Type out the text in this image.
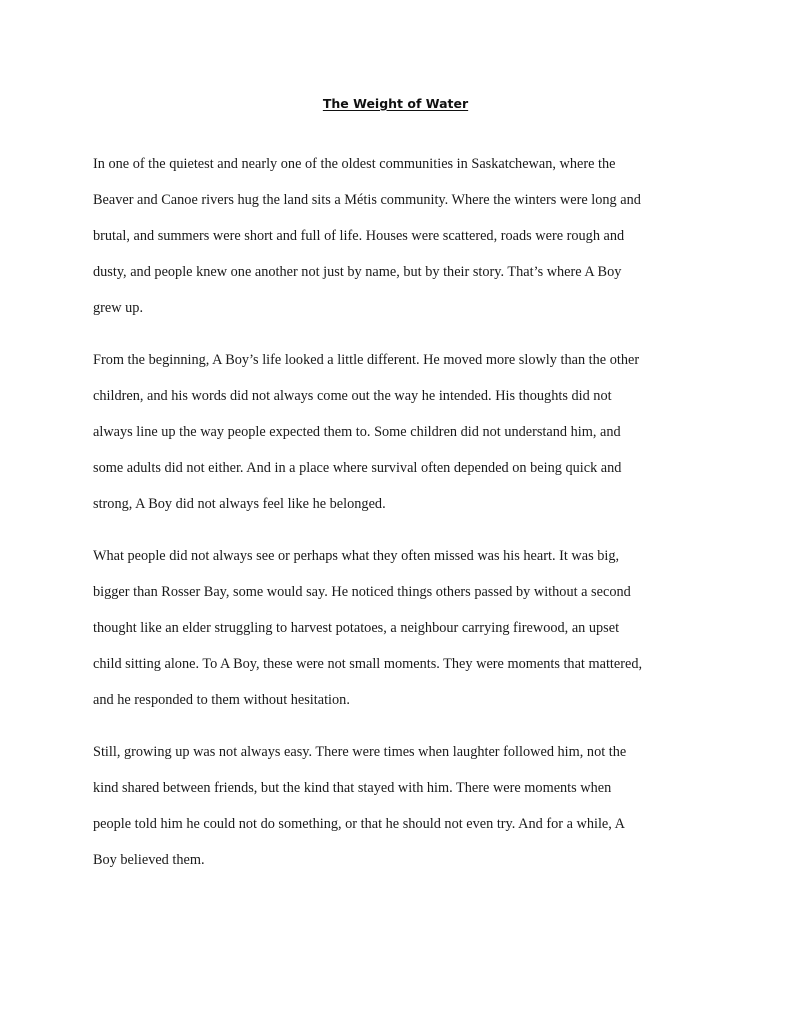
The Weight of Water

In one of the quietest and nearly one of the oldest communities in Saskatchewan, where the
Beaver and Canoe rivers hug the land sits a Métis community. Where the winters were long and
brutal, and summers were short and full of life. Houses were scattered, roads were rough and
dusty, and people knew one another not just by name, but by their story. That’s where A Boy
grew up.

From the beginning, A Boy’s life looked a little different. He moved more slowly than the other
children, and his words did not always come out the way he intended. His thoughts did not
always line up the way people expected them to. Some children did not understand him, and
some adults did not either. And in a place where survival often depended on being quick and
strong, A Boy did not always feel like he belonged.

What people did not always see or perhaps what they often missed was his heart. It was big,
bigger than Rosser Bay, some would say. He noticed things others passed by without a second
thought like an elder struggling to harvest potatoes, a neighbour carrying firewood, an upset
child sitting alone. To A Boy, these were not small moments. They were moments that mattered,
and he responded to them without hesitation.

Still, growing up was not always easy. There were times when laughter followed him, not the
kind shared between friends, but the kind that stayed with him. There were moments when
people told him he could not do something, or that he should not even try. And for a while, A
Boy believed them.
